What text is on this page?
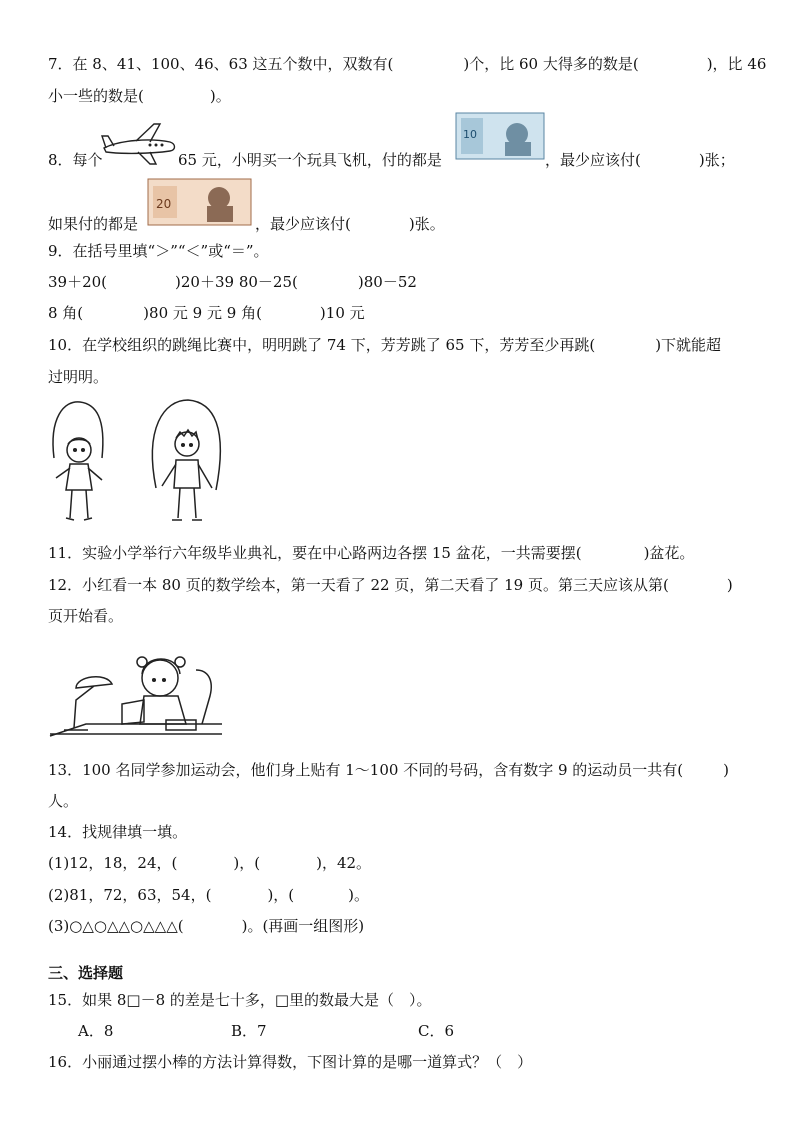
7．在 8、41、100、46、63 这五个数中，双数有(	)个，比 60 大得多的数是(	)，比 46
小一些的数是(	)。
8．每个	65 元，小明买一个玩具飞机，付的都是
10
，最少应该付(	)张；
20
如果付的都是	，最少应该付(	)张。
9．在括号里填“＞”“＜”或“＝”。
39＋20(	)20＋39 80－25(	)80－52
8 角(	)80 元 9 元 9 角(	)10 元
10．在学校组织的跳绳比赛中，明明跳了 74 下，芳芳跳了 65 下，芳芳至少再跳(	)下就能超
过明明。
11．实验小学举行六年级毕业典礼，要在中心路两边各摆 15 盆花，一共需要摆(	)盆花。
12．小红看一本 80 页的数学绘本，第一天看了 22 页，第二天看了 19 页。第三天应该从第(	)
页开始看。
13．100 名同学参加运动会，他们身上贴有 1～100 不同的号码，含有数字 9 的运动员一共有(	)
人。
14．找规律填一填。
(1)12，18，24，(	)，(	)，42。
(2)81，72，63，54，(	)，(	)。
(3)○△○△△○△△△(	)。(再画一组图形)
三、选择题
15．如果 8□－8 的差是七十多，□里的数最大是（　）。
A．8	B．7	C．6
16．小丽通过摆小棒的方法计算得数，下图计算的是哪一道算式？（　）
